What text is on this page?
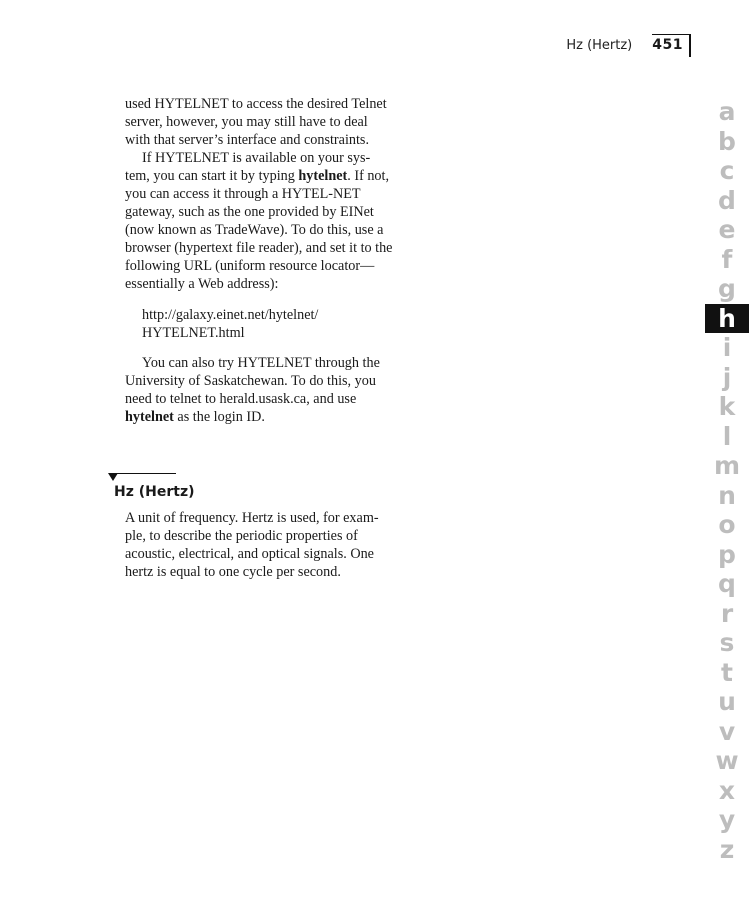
Hz (Hertz) 451

used HYTELNET to access the desired Telnet server, however, you may still have to deal with that server’s interface and constraints.

If HYTELNET is available on your sys-tem, you can start it by typing hytelnet. If not, you can access it through a HYTEL-NET gateway, such as the one provided by EINet (now known as TradeWave). To do this, use a browser (hypertext file reader), and set it to the following URL (uniform resource locator—essentially a Web address):

http://galaxy.einet.net/hytelnet/
HYTELNET.html

You can also try HYTELNET through the University of Saskatchewan. To do this, you need to telnet to herald.usask.ca, and use hytelnet as the login ID.

Hz (Hertz)
A unit of frequency. Hertz is used, for exam-ple, to describe the periodic properties of acoustic, electrical, and optical signals. One hertz is equal to one cycle per second.
a
b
c
d
e
f
g
h
i
j
k
l
m
n
o
p
q
r
s
t
u
v
w
x
y
z
